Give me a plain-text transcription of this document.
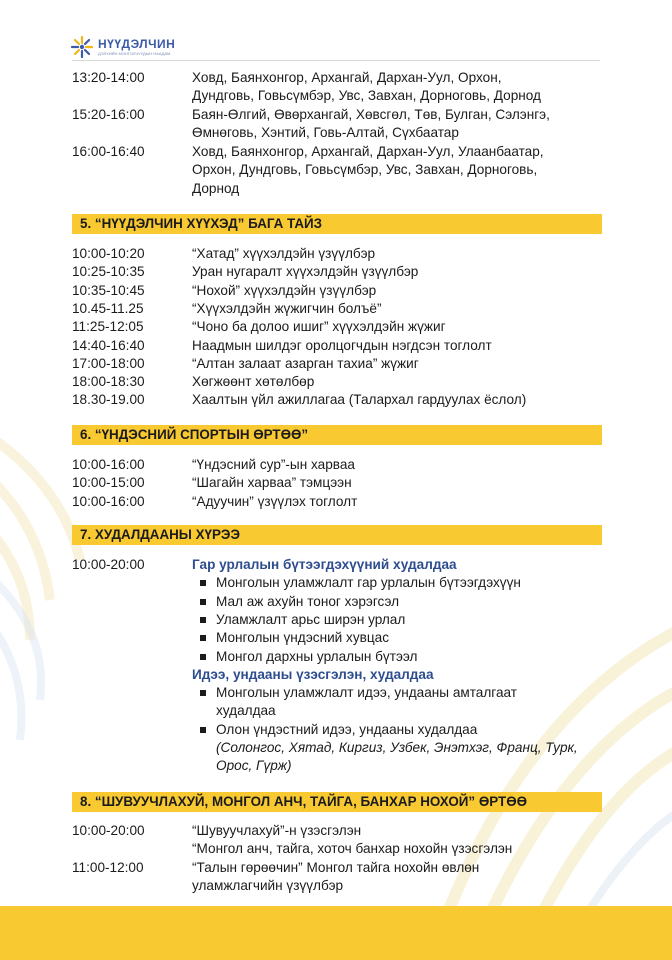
НҮҮДЭЛЧИН
ДЭЛХИЙН МОНГОЛЧУУДЫН НААДАМ
13:20-14:00	Ховд, Баянхонгор, Архангай, Дархан-Уул, Орхон,
Дундговь, Говьсүмбэр, Увс, Завхан, Дорноговь, Дорнод
15:20-16:00	Баян-Өлгий, Өвөрхангай, Хөвсгөл, Төв, Булган, Сэлэнгэ,
Өмнөговь, Хэнтий, Говь-Алтай, Сүхбаатар
16:00-16:40	Ховд, Баянхонгор, Архангай, Дархан-Уул, Улаанбаатар,
Орхон, Дундговь, Говьсүмбэр, Увс, Завхан, Дорноговь,
Дорнод
5. “НҮҮДЭЛЧИН ХҮҮХЭД” БАГА ТАЙЗ
10:00-10:20	“Хатад” хүүхэлдэйн үзүүлбэр
10:25-10:35	Уран нугаралт хүүхэлдэйн үзүүлбэр
10:35-10:45	“Нохой” хүүхэлдэйн үзүүлбэр
10.45-11.25	“Хүүхэлдэйн жүжигчин болъё”
11:25-12:05	“Чоно ба долоо ишиг” хүүхэлдэйн жүжиг
14:40-16:40	Наадмын шилдэг оролцогчдын нэгдсэн тоглолт
17:00-18:00	“Алтан залаат азарган тахиа” жүжиг
18:00-18:30	Хөгжөөнт хөтөлбөр
18.30-19.00	Хаалтын үйл ажиллагаа (Талархал гардуулах ёслол)
6. “ҮНДЭСНИЙ СПОРТЫН ӨРТӨӨ”
10:00-16:00	“Үндэсний сур”-ын харваа
10:00-15:00	“Шагайн харваа” тэмцээн
10:00-16:00	“Адуучин” үзүүлэх тоглолт
7. ХУДАЛДААНЫ ХҮРЭЭ
10:00-20:00	Гар урлалын бүтээгдэхүүний худалдаа
Монголын уламжлалт гар урлалын бүтээгдэхүүн
Мал аж ахуйн тоног хэрэгсэл
Уламжлалт арьс ширэн урлал
Монголын үндэсний хувцас
Монгол дархны урлалын бүтээл
Идээ, ундааны үзэсгэлэн, худалдаа
Монголын уламжлалт идээ, ундааны амталгаат
худалдаа
Олон үндэстний идээ, ундааны худалдаа
(Солонгос, Хятад, Киргиз, Узбек, Энэтхэг, Франц, Турк,
Орос, Гүрж)
8. “ШУВУУЧЛАХУЙ, МОНГОЛ АНЧ, ТАЙГА, БАНХАР НОХОЙ” ӨРТӨӨ
10:00-20:00	“Шувуучлахуй”-н үзэсгэлэн
“Монгол анч, тайга, хоточ банхар нохойн үзэсгэлэн
11:00-12:00	“Талын гөрөөчин” Монгол тайга нохойн өвлөн
уламжлагчийн үзүүлбэр
